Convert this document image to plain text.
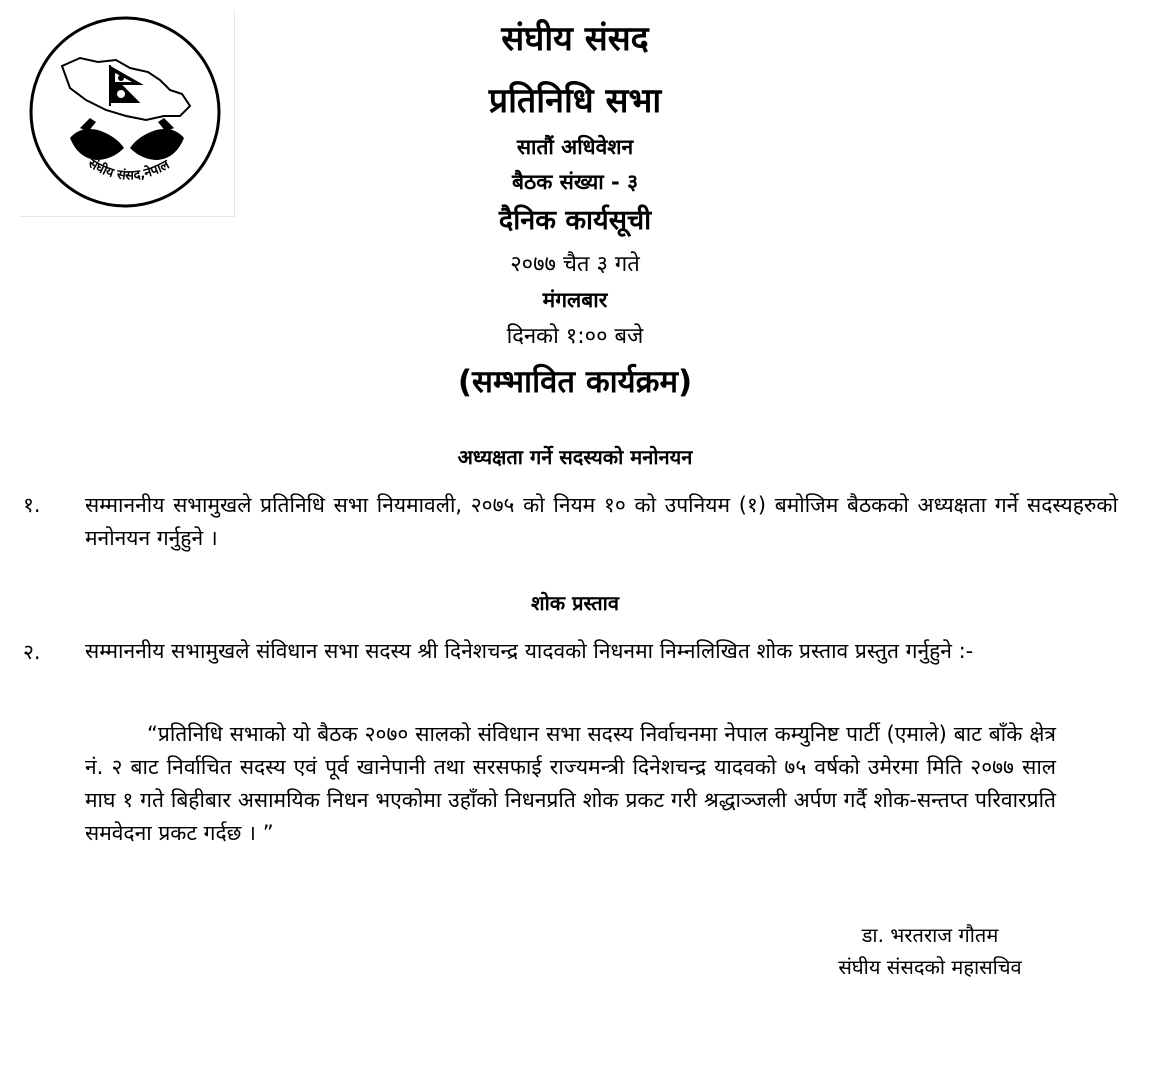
संघीय संसद,नेपाल
संघीय संसद
प्रतिनिधि सभा
सातौं अधिवेशन
बैठक संख्या - ३
दैनिक कार्यसूची
२०७७ चैत ३ गते
मंगलबार
दिनको १:०० बजे
(सम्भावित कार्यक्रम)
अध्यक्षता गर्ने सदस्यको मनोनयन
१. सम्माननीय सभामुखले प्रतिनिधि सभा नियमावली, २०७५ को नियम १० को उपनियम (१) बमोजिम बैठकको अध्यक्षता गर्ने सदस्यहरुको मनोनयन गर्नुहुने ।
शोक प्रस्ताव
२. सम्माननीय सभामुखले संविधान सभा सदस्य श्री दिनेशचन्द्र यादवको निधनमा निम्नलिखित शोक प्रस्ताव प्रस्तुत गर्नुहुने :-
“प्रतिनिधि सभाको यो बैठक २०७० सालको संविधान सभा सदस्य निर्वाचनमा नेपाल कम्युनिष्ट पार्टी (एमाले) बाट बाँके क्षेत्र नं. २ बाट निर्वाचित सदस्य एवं पूर्व खानेपानी तथा सरसफाई राज्यमन्त्री दिनेशचन्द्र यादवको ७५ वर्षको उमेरमा मिति २०७७ साल माघ १ गते बिहीबार असामयिक निधन भएकोमा उहाँको निधनप्रति शोक प्रकट गरी श्रद्धाञ्जली अर्पण गर्दै शोक-सन्तप्त परिवारप्रति समवेदना प्रकट गर्दछ । ”
डा. भरतराज गौतम
संघीय संसदको महासचिव
